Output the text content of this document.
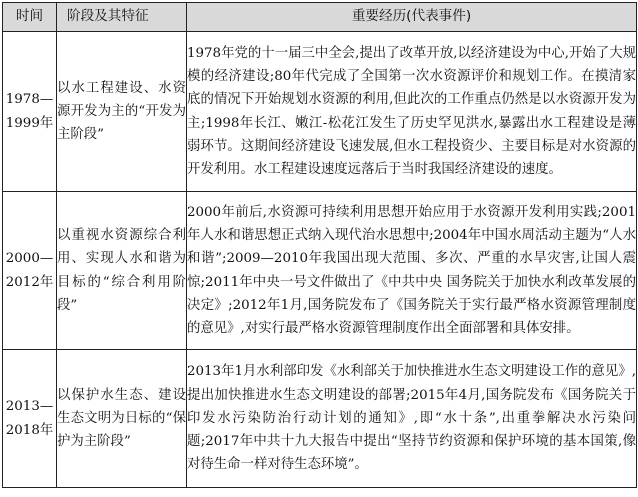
时间	阶段及其特征	重要经历(代表事件)
1978—1999年	以水工程建设、水资源开发为主的“开发为主阶段”	1978年党的十一届三中全会,提出了改革开放,以经济建设为中心,开始了大规模的经济建设;80年代完成了全国第一次水资源评价和规划工作。在摸清家底的情况下开始规划水资源的利用,但此次的工作重点仍然是以水资源开发为主;1998年长江、嫩江-松花江发生了历史罕见洪水,暴露出水工程建设是薄弱环节。这期间经济建设飞速发展,但水工程投资少、主要目标是对水资源的开发利用。水工程建设速度远落后于当时我国经济建设的速度。
2000—2012年	以重视水资源综合利用、实现人水和谐为目标的“综合利用阶段”	2000年前后,水资源可持续利用思想开始应用于水资源开发利用实践;2001年人水和谐思想正式纳入现代治水思想中;2004年中国水周活动主题为“人水和谐”;2009—2010年我国出现大范围、多次、严重的水旱灾害,让国人震惊;2011年中央一号文件做出了《中共中央 国务院关于加快水利改革发展的决定》;2012年1月,国务院发布了《国务院关于实行最严格水资源管理制度的意见》,对实行最严格水资源管理制度作出全面部署和具体安排。
2013—2018年	以保护水生态、建设生态文明为日标的“保护为主阶段”	2013年1月水利部印发《水利部关于加快推进水生态文明建设工作的意见》,提出加快推进水生态文明建设的部署;2015年4月,国务院发布《国务院关于印发水污染防治行动计划的通知》,即“水十条”,出重拳解决水污染问题;2017年中共十九大报告中提出“坚持节约资源和保护环境的基本国策,像对待生命一样对待生态环境”。
